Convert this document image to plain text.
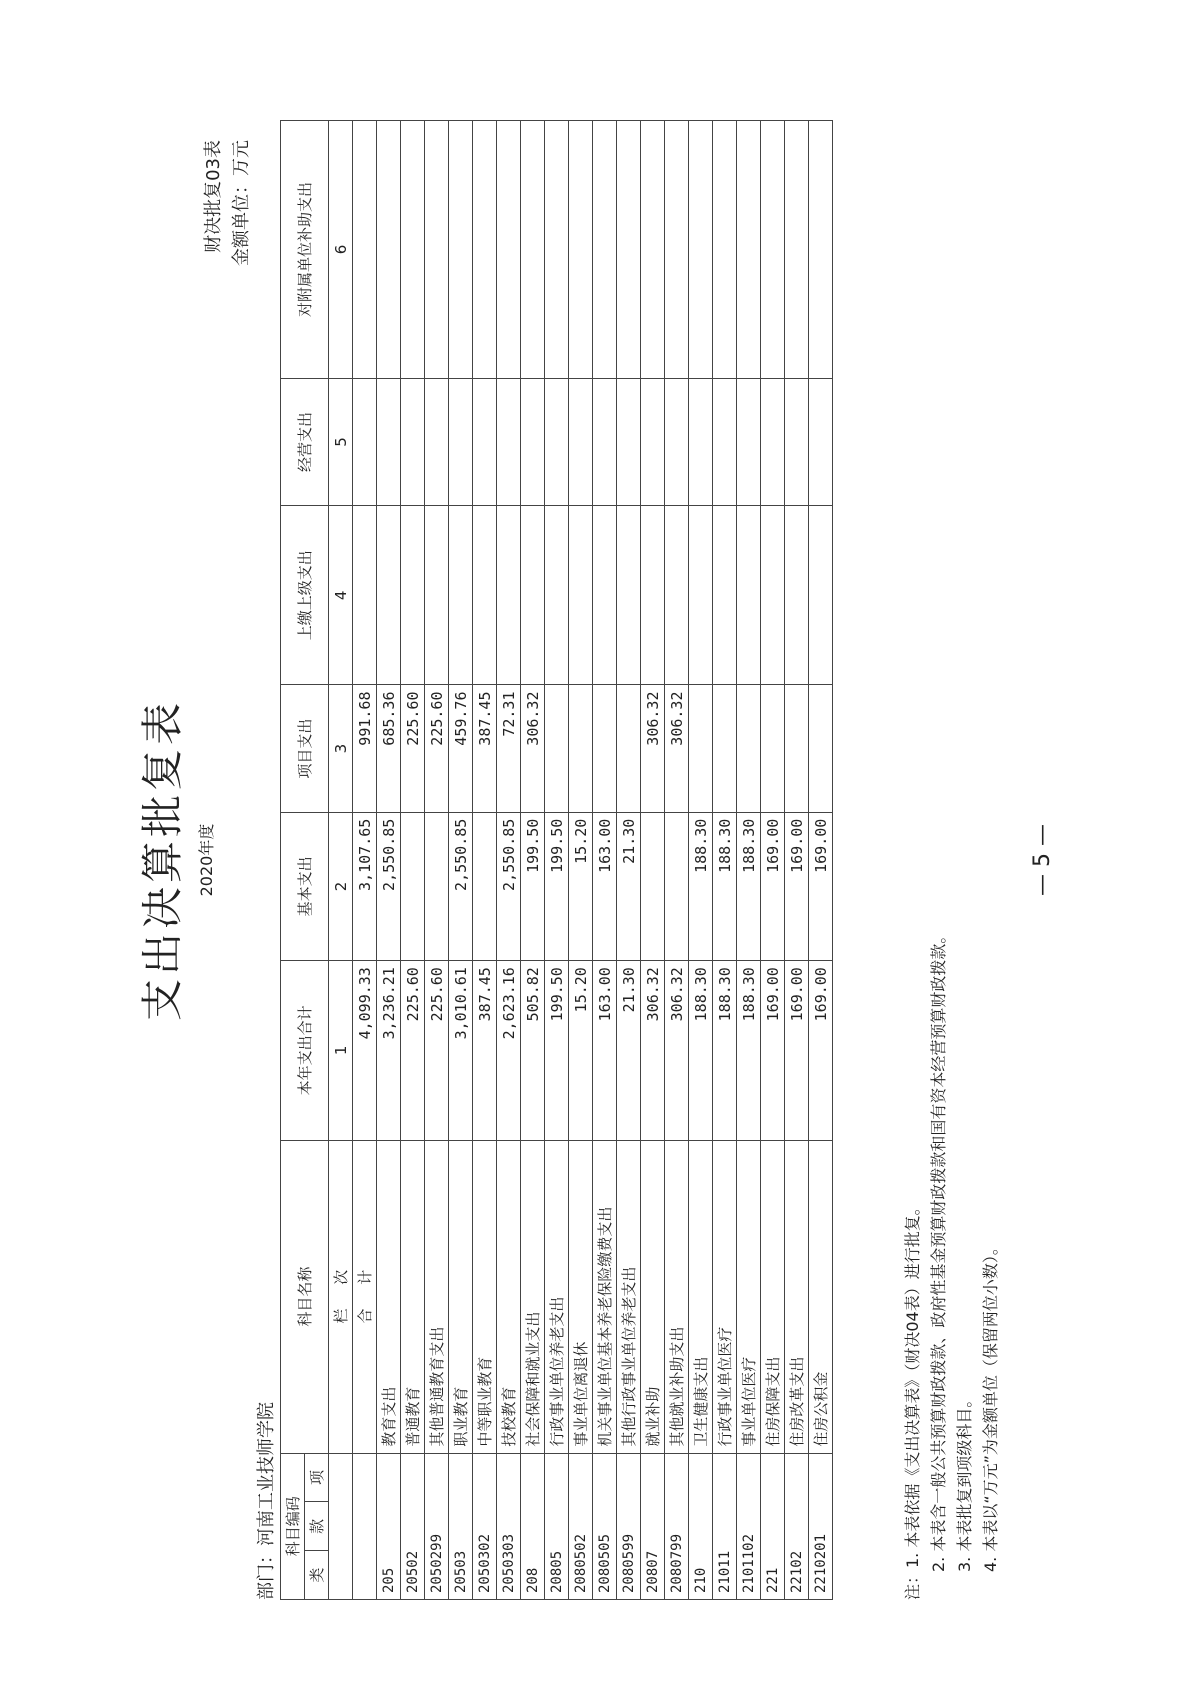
支出决算批复表 2020年度
财决批复03表 金额单位：万元
部门：河南工业技师学院 科目编码			科目名称	本年支出合计	基本支出	项目支出	上缴上级支出	经营支出	对附属单位补助支出
类	款	项							
			栏     次	1	2	3	4	5	6
			合     计	4,099.33	3,107.65	991.68			
205			教育支出	3,236.21	2,550.85	685.36			
20502			普通教育	225.60		225.60			
2050299			其他普通教育支出	225.60		225.60			
20503			职业教育	3,010.61	2,550.85	459.76			
2050302			中等职业教育	387.45		387.45			
2050303			技校教育	2,623.16	2,550.85	72.31			
208			社会保障和就业支出	505.82	199.50	306.32			
20805			行政事业单位养老支出	199.50	199.50				
2080502			事业单位离退休	15.20	15.20				
2080505			机关事业单位基本养老保险缴费支出	163.00	163.00				
2080599			其他行政事业单位养老支出	21.30	21.30				
20807			就业补助	306.32		306.32			
2080799			其他就业补助支出	306.32		306.32			
210			卫生健康支出	188.30	188.30				
21011			行政事业单位医疗	188.30	188.30				
2101102			事业单位医疗	188.30	188.30				
221			住房保障支出	169.00	169.00				
22102			住房改革支出	169.00	169.00				
2210201			住房公积金	169.00	169.00				
注：1. 本表依据《支出决算表》（财决04表）进行批复。 2. 本表含一般公共预算财政拨款、政府性基金预算财政拨款和国有资本经营预算财政拨款。 3. 本表批复到项级科目。 4. 本表以“万元”为金额单位（保留两位小数）。
— 5 —
